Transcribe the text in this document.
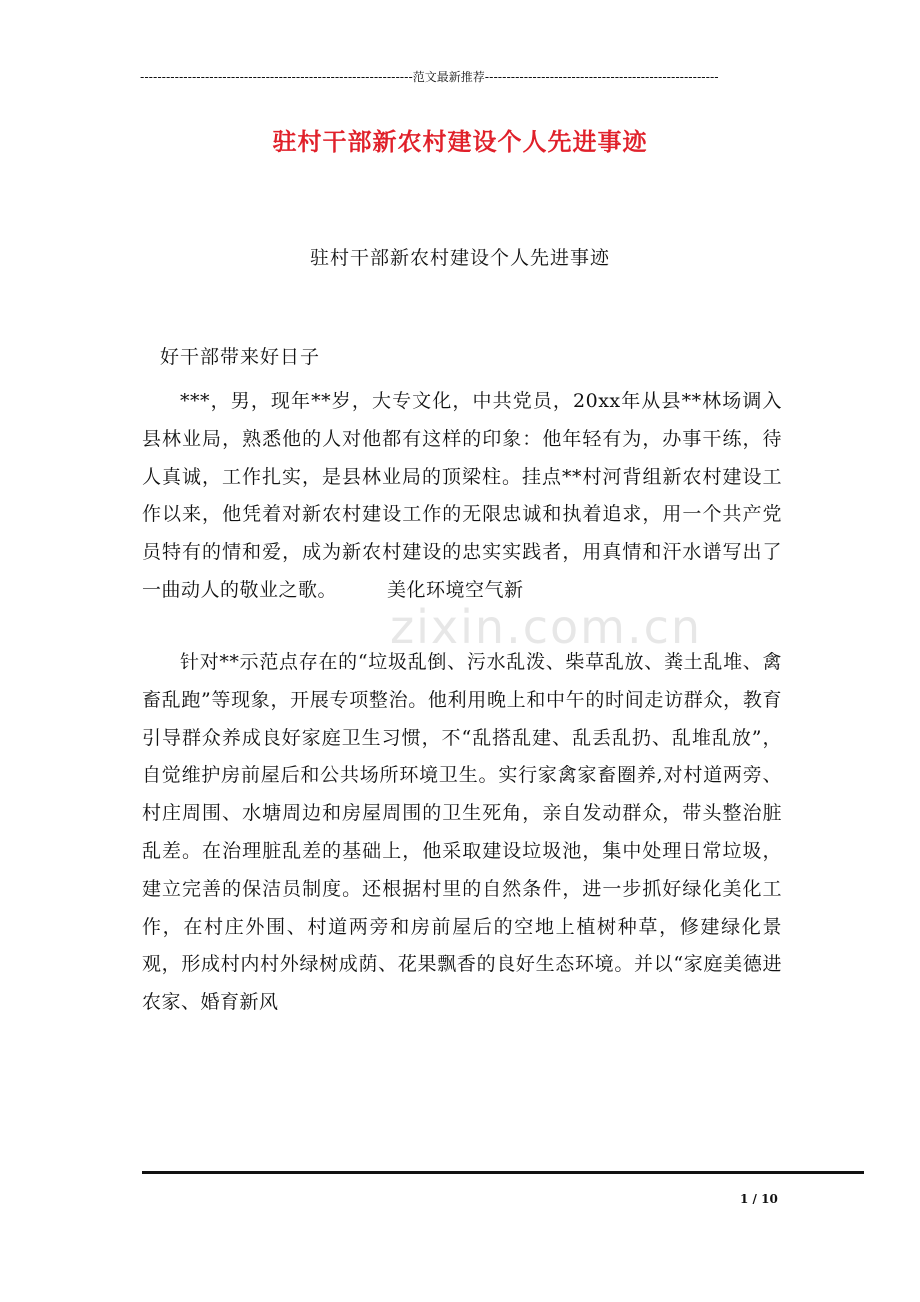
---------------------------------------------------------------范文最新推荐------------------------------------------------------
驻村干部新农村建设个人先进事迹
驻村干部新农村建设个人先进事迹
好干部带来好日子
***，男，现年**岁，大专文化，中共党员，20xx年从县**林场调入县林业局，熟悉他的人对他都有这样的印象：他年轻有为，办事干练，待人真诚，工作扎实，是县林业局的顶梁柱。挂点**村河背组新农村建设工作以来，他凭着对新农村建设工作的无限忠诚和执着追求，用一个共产党员特有的情和爱，成为新农村建设的忠实实践者，用真情和汗水谱写出了一曲动人的敬业之歌。	美化环境空气新
针对**示范点存在的“垃圾乱倒、污水乱泼、柴草乱放、粪土乱堆、禽畜乱跑”等现象，开展专项整治。他利用晚上和中午的时间走访群众，教育引导群众养成良好家庭卫生习惯，不“乱搭乱建、乱丢乱扔、乱堆乱放”，自觉维护房前屋后和公共场所环境卫生。实行家禽家畜圈养,对村道两旁、村庄周围、水塘周边和房屋周围的卫生死角，亲自发动群众，带头整治脏乱差。在治理脏乱差的基础上，他采取建设垃圾池，集中处理日常垃圾，建立完善的保洁员制度。还根据村里的自然条件，进一步抓好绿化美化工作，在村庄外围、村道两旁和房前屋后的空地上植树种草，修建绿化景观，形成村内村外绿树成荫、花果飘香的良好生态环境。并以“家庭美德进农家、婚育新风
zixin.com.cn
1 / 10
